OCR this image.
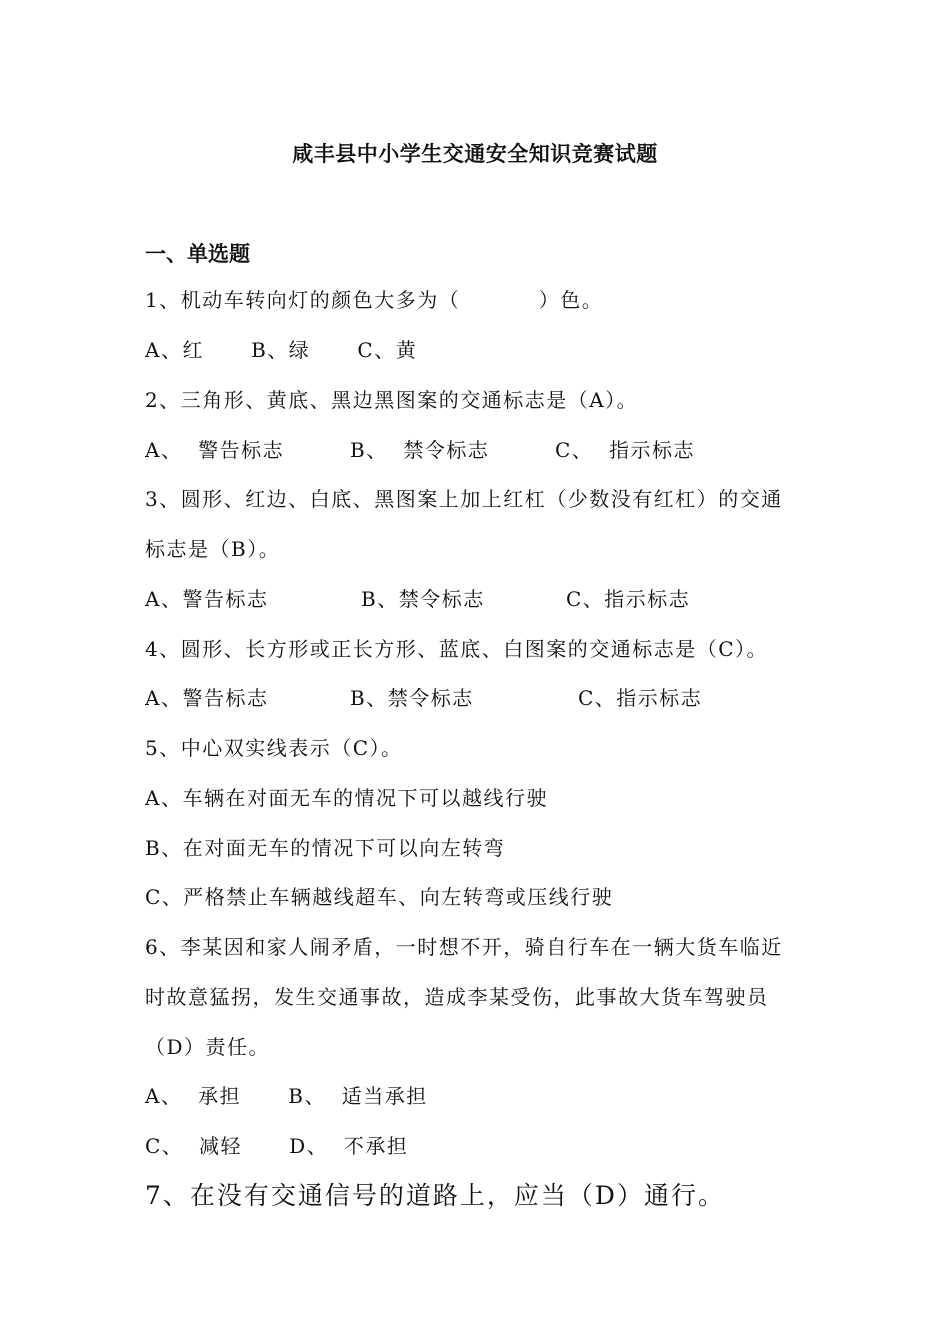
咸丰县中小学生交通安全知识竞赛试题
一、单选题
1、机动车转向灯的颜色大多为（          ）色。
A、红      B、绿      C、黄
2、三角形、黄底、黑边黑图案的交通标志是（A）。

A、  警告标志

	B、  禁令标志

	C、  指示标志

3、圆形、红边、白底、黑图案上加上红杠（少数没有红杠）的交通
标志是（B）。

A、警告标志

	B、禁令标志

	C、指示标志

4、圆形、长方形或正长方形、蓝底、白图案的交通标志是（C）。

A、警告标志

	B、禁令标志

	C、指示标志

5、中心双实线表示（C）。
A、车辆在对面无车的情况下可以越线行驶
B、在对面无车的情况下可以向左转弯
C、严格禁止车辆越线超车、向左转弯或压线行驶
6、李某因和家人闹矛盾，一时想不开，骑自行车在一辆大货车临近
时故意猛拐，发生交通事故，造成李某受伤，此事故大货车驾驶员
（D）责任。
A、  承担      B、  适当承担
C、  减轻      D、  不承担
7、在没有交通信号的道路上，应当（D）通行。
